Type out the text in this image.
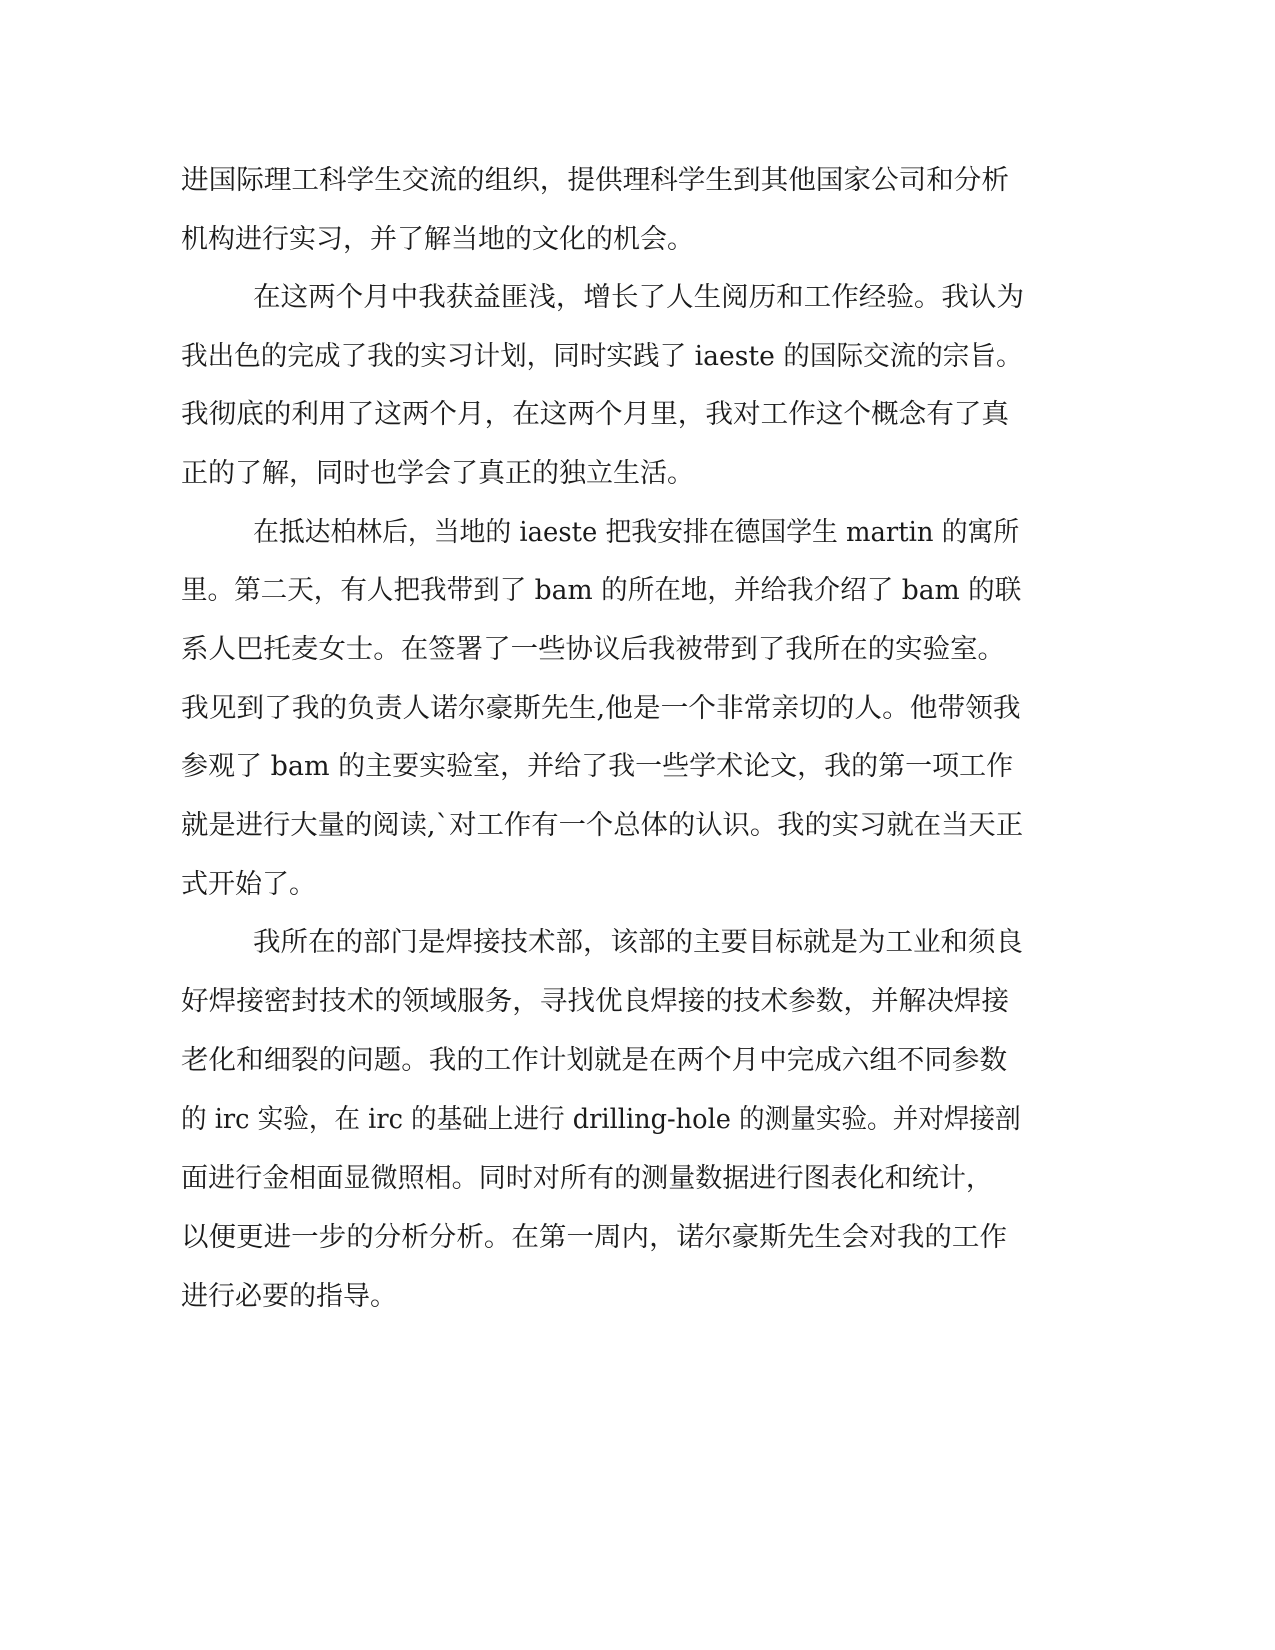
进国际理工科学生交流的组织，提供理科学生到其他国家公司和分析
机构进行实习，并了解当地的文化的机会。
在这两个月中我获益匪浅，增长了人生阅历和工作经验。我认为
我出色的完成了我的实习计划，同时实践了 iaeste 的国际交流的宗旨。
我彻底的利用了这两个月，在这两个月里，我对工作这个概念有了真
正的了解，同时也学会了真正的独立生活。
在抵达柏林后，当地的 iaeste 把我安排在德国学生 martin 的寓所
里。第二天，有人把我带到了 bam 的所在地，并给我介绍了 bam 的联
系人巴托麦女士。在签署了一些协议后我被带到了我所在的实验室。
我见到了我的负责人诺尔豪斯先生,他是一个非常亲切的人。他带领我
参观了 bam 的主要实验室，并给了我一些学术论文，我的第一项工作
就是进行大量的阅读,`对工作有一个总体的认识。我的实习就在当天正
式开始了。
我所在的部门是焊接技术部，该部的主要目标就是为工业和须良
好焊接密封技术的领域服务，寻找优良焊接的技术参数，并解决焊接
老化和细裂的问题。我的工作计划就是在两个月中完成六组不同参数
的 irc 实验，在 irc 的基础上进行 drilling-hole 的测量实验。并对焊接剖
面进行金相面显微照相。同时对所有的测量数据进行图表化和统计，
以便更进一步的分析分析。在第一周内，诺尔豪斯先生会对我的工作
进行必要的指导。
